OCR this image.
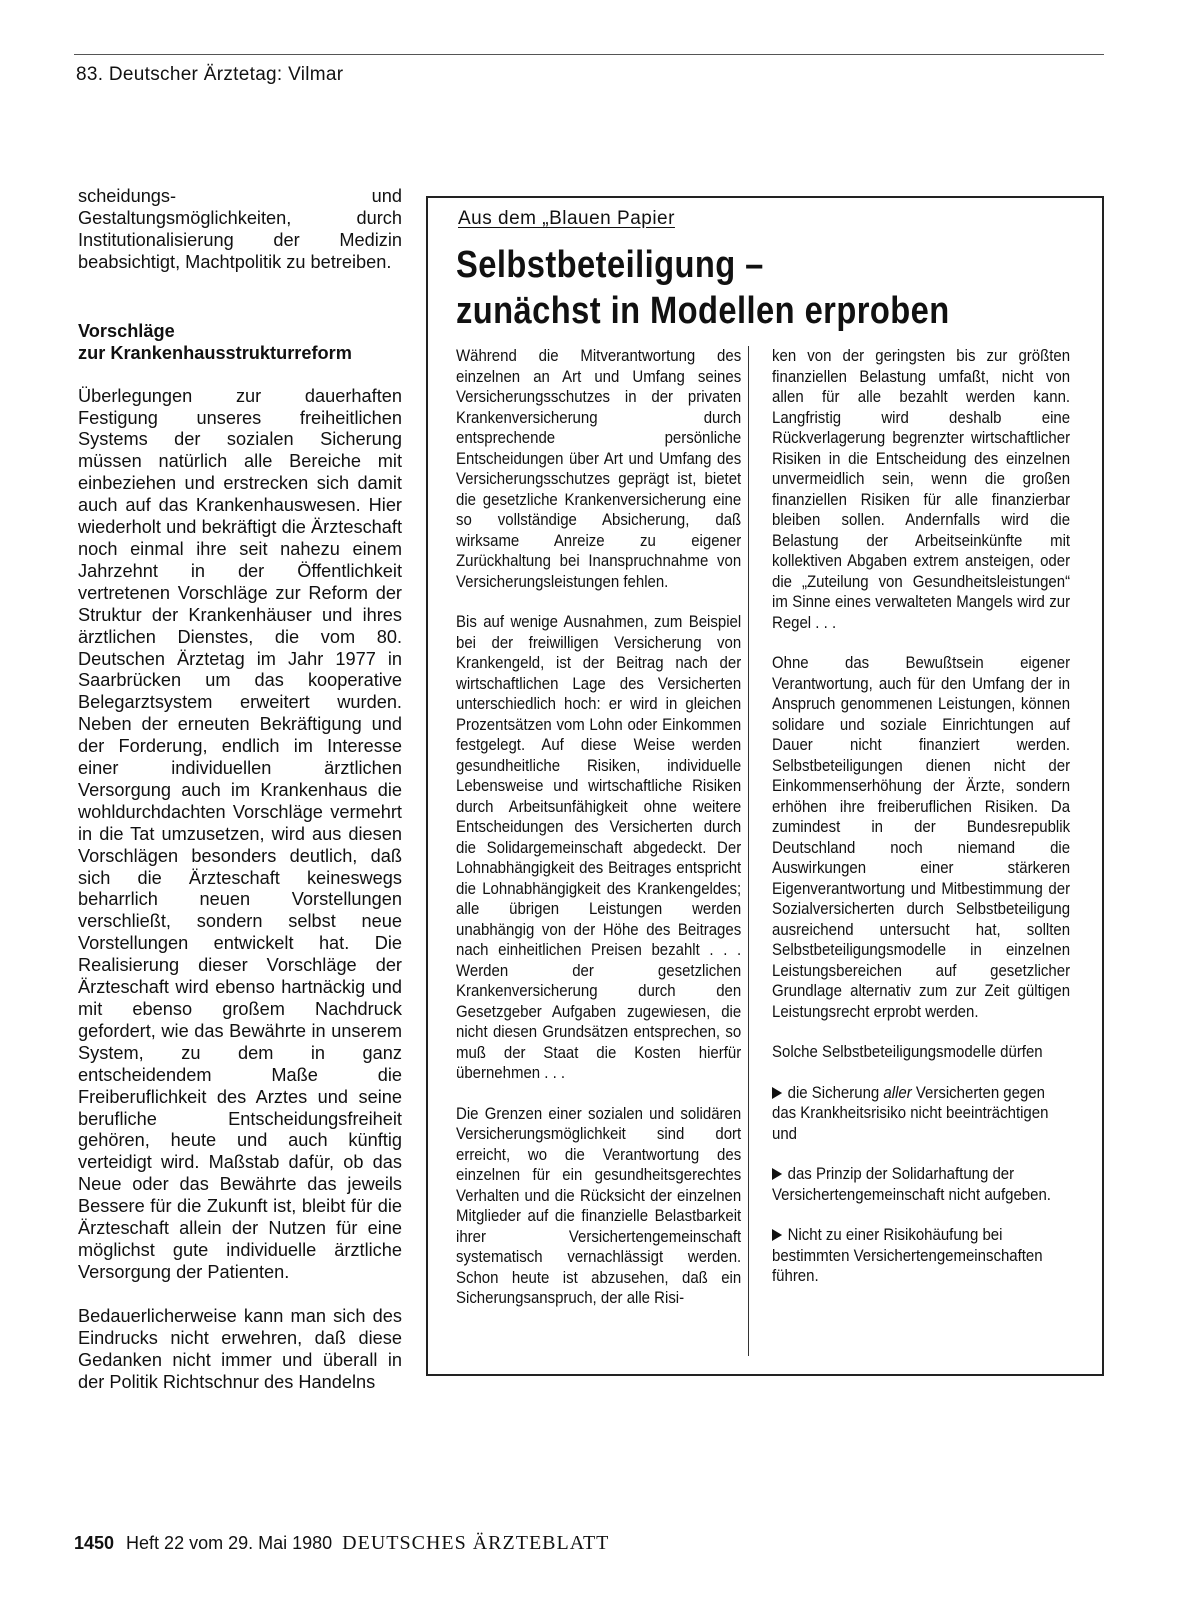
83. Deutscher Ärztetag: Vilmar

scheidungs- und Gestaltungsmöglichkeiten, durch Institutionalisierung der Medizin beabsichtigt, Machtpolitik zu betreiben.

Vorschläge
zur Krankenhausstrukturreform

Überlegungen zur dauerhaften Festigung unseres freiheitlichen Systems der sozialen Sicherung müssen natürlich alle Bereiche mit einbeziehen und erstrecken sich damit auch auf das Krankenhauswesen. Hier wiederholt und bekräftigt die Ärzteschaft noch einmal ihre seit nahezu einem Jahrzehnt in der Öffentlichkeit vertretenen Vorschläge zur Reform der Struktur der Krankenhäuser und ihres ärztlichen Dienstes, die vom 80. Deutschen Ärztetag im Jahr 1977 in Saarbrücken um das kooperative Belegarztsystem erweitert wurden. Neben der erneuten Bekräftigung und der Forderung, endlich im Interesse einer individuellen ärztlichen Versorgung auch im Krankenhaus die wohldurchdachten Vorschläge vermehrt in die Tat umzusetzen, wird aus diesen Vorschlägen besonders deutlich, daß sich die Ärzteschaft keineswegs beharrlich neuen Vorstellungen verschließt, sondern selbst neue Vorstellungen entwickelt hat. Die Realisierung dieser Vorschläge der Ärzteschaft wird ebenso hartnäckig und mit ebenso großem Nachdruck gefordert, wie das Bewährte in unserem System, zu dem in ganz entscheidendem Maße die Freiberuflichkeit des Arztes und seine berufliche Entscheidungsfreiheit gehören, heute und auch künftig verteidigt wird. Maßstab dafür, ob das Neue oder das Bewährte das jeweils Bessere für die Zukunft ist, bleibt für die Ärzteschaft allein der Nutzen für eine möglichst gute individuelle ärztliche Versorgung der Patienten.

Bedauerlicherweise kann man sich des Eindrucks nicht erwehren, daß diese Gedanken nicht immer und überall in der Politik Richtschnur des Handelns

Aus dem „Blauen Papier
Selbstbeteiligung –
zunächst in Modellen erproben

Während die Mitverantwortung des einzelnen an Art und Umfang seines Versicherungsschutzes in der privaten Krankenversicherung durch entsprechende persönliche Entscheidungen über Art und Umfang des Versicherungsschutzes geprägt ist, bietet die gesetzliche Krankenversicherung eine so vollständige Absicherung, daß wirksame Anreize zu eigener Zurückhaltung bei Inanspruchnahme von Versicherungsleistungen fehlen.

Bis auf wenige Ausnahmen, zum Beispiel bei der freiwilligen Versicherung von Krankengeld, ist der Beitrag nach der wirtschaftlichen Lage des Versicherten unterschiedlich hoch: er wird in gleichen Prozentsätzen vom Lohn oder Einkommen festgelegt. Auf diese Weise werden gesundheitliche Risiken, individuelle Lebensweise und wirtschaftliche Risiken durch Arbeitsunfähigkeit ohne weitere Entscheidungen des Versicherten durch die Solidargemeinschaft abgedeckt. Der Lohnabhängigkeit des Beitrages entspricht die Lohnabhängigkeit des Krankengeldes; alle übrigen Leistungen werden unabhängig von der Höhe des Beitrages nach einheitlichen Preisen bezahlt . . . Werden der gesetzlichen Krankenversicherung durch den Gesetzgeber Aufgaben zugewiesen, die nicht diesen Grundsätzen entsprechen, so muß der Staat die Kosten hierfür übernehmen . . .

Die Grenzen einer sozialen und solidären Versicherungsmöglichkeit sind dort erreicht, wo die Verantwortung des einzelnen für ein gesundheitsgerechtes Verhalten und die Rücksicht der einzelnen Mitglieder auf die finanzielle Belastbarkeit ihrer Versichertengemeinschaft systematisch vernachlässigt werden. Schon heute ist abzusehen, daß ein Sicherungsanspruch, der alle Risi-

ken von der geringsten bis zur größten finanziellen Belastung umfaßt, nicht von allen für alle bezahlt werden kann. Langfristig wird deshalb eine Rückverlagerung begrenzter wirtschaftlicher Risiken in die Entscheidung des einzelnen unvermeidlich sein, wenn die großen finanziellen Risiken für alle finanzierbar bleiben sollen. Andernfalls wird die Belastung der Arbeitseinkünfte mit kollektiven Abgaben extrem ansteigen, oder die „Zuteilung von Gesundheitsleistungen“ im Sinne eines verwalteten Mangels wird zur Regel . . .

Ohne das Bewußtsein eigener Verantwortung, auch für den Umfang der in Anspruch genommenen Leistungen, können solidare und soziale Einrichtungen auf Dauer nicht finanziert werden. Selbstbeteiligungen dienen nicht der Einkommenserhöhung der Ärzte, sondern erhöhen ihre freiberuflichen Risiken. Da zumindest in der Bundesrepublik Deutschland noch niemand die Auswirkungen einer stärkeren Eigenverantwortung und Mitbestimmung der Sozialversicherten durch Selbstbeteiligung ausreichend untersucht hat, sollten Selbstbeteiligungsmodelle in einzelnen Leistungsbereichen auf gesetzlicher Grundlage alternativ zum zur Zeit gültigen Leistungsrecht erprobt werden.

Solche Selbstbeteiligungsmodelle dürfen

die Sicherung aller Versicherten gegen das Krankheitsrisiko nicht beeinträchtigen und
das Prinzip der Solidarhaftung der Versichertengemeinschaft nicht aufgeben.
Nicht zu einer Risikohäufung bei bestimmten Versichertengemeinschaften führen.
1450 Heft 22 vom 29. Mai 1980 DEUTSCHES ÄRZTEBLATT
